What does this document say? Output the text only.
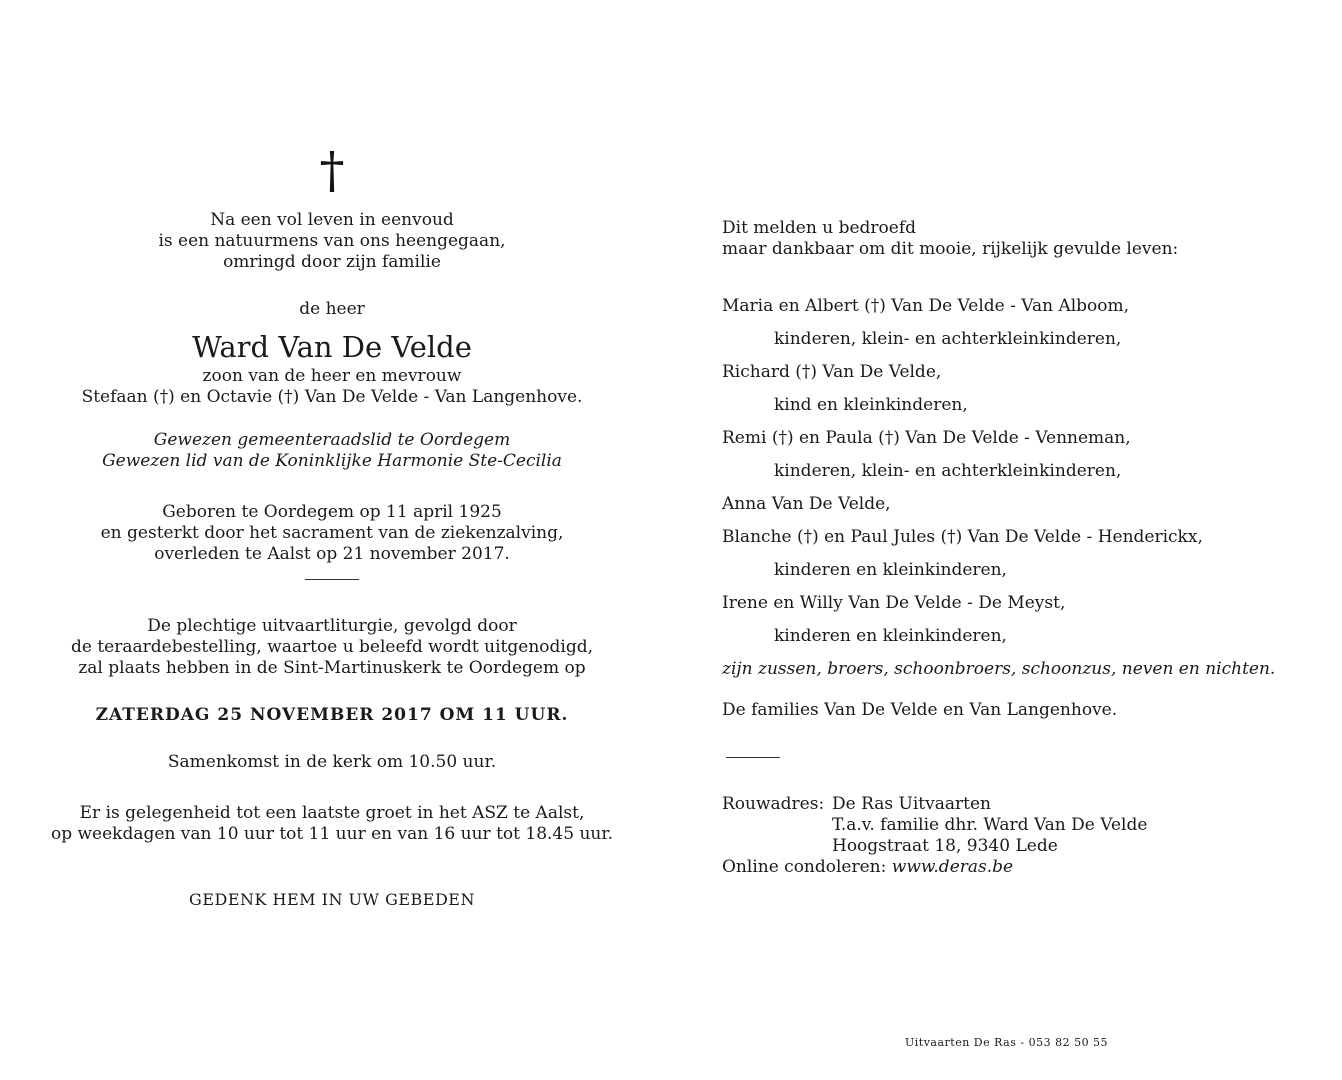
†
Na een vol leven in eenvoud
is een natuurmens van ons heengegaan,
omringd door zijn familie
de heer
Ward Van De Velde
zoon van de heer en mevrouw
Stefaan (†) en Octavie (†) Van De Velde - Van Langenhove.
Gewezen gemeenteraadslid te Oordegem
Gewezen lid van de Koninklijke Harmonie Ste-Cecilia
Geboren te Oordegem op 11 april 1925
en gesterkt door het sacrament van de ziekenzalving,
overleden te Aalst op 21 november 2017.
De plechtige uitvaartliturgie, gevolgd door
de teraardebestelling, waartoe u beleefd wordt uitgenodigd,
zal plaats hebben in de Sint-Martinuskerk te Oordegem op
ZATERDAG 25 NOVEMBER 2017 OM 11 UUR.
Samenkomst in de kerk om 10.50 uur.
Er is gelegenheid tot een laatste groet in het ASZ te Aalst,
op weekdagen van 10 uur tot 11 uur en van 16 uur tot 18.45 uur.
GEDENK HEM IN UW GEBEDEN
Dit melden u bedroefd
maar dankbaar om dit mooie, rijkelijk gevulde leven:
Maria en Albert (†) Van De Velde - Van Alboom,
kinderen, klein- en achterkleinkinderen,
Richard (†) Van De Velde,
kind en kleinkinderen,
Remi (†) en Paula (†) Van De Velde - Venneman,
kinderen, klein- en achterkleinkinderen,
Anna Van De Velde,
Blanche (†) en Paul Jules (†) Van De Velde - Henderickx,
kinderen en kleinkinderen,
Irene en Willy Van De Velde - De Meyst,
kinderen en kleinkinderen,
zijn zussen, broers, schoonbroers, schoonzus, neven en nichten.
De families Van De Velde en Van Langenhove.
Rouwadres: De Ras Uitvaarten
T.a.v. familie dhr. Ward Van De Velde
Hoogstraat 18, 9340 Lede
Online condoleren: www.deras.be
Uitvaarten De Ras - 053 82 50 55
